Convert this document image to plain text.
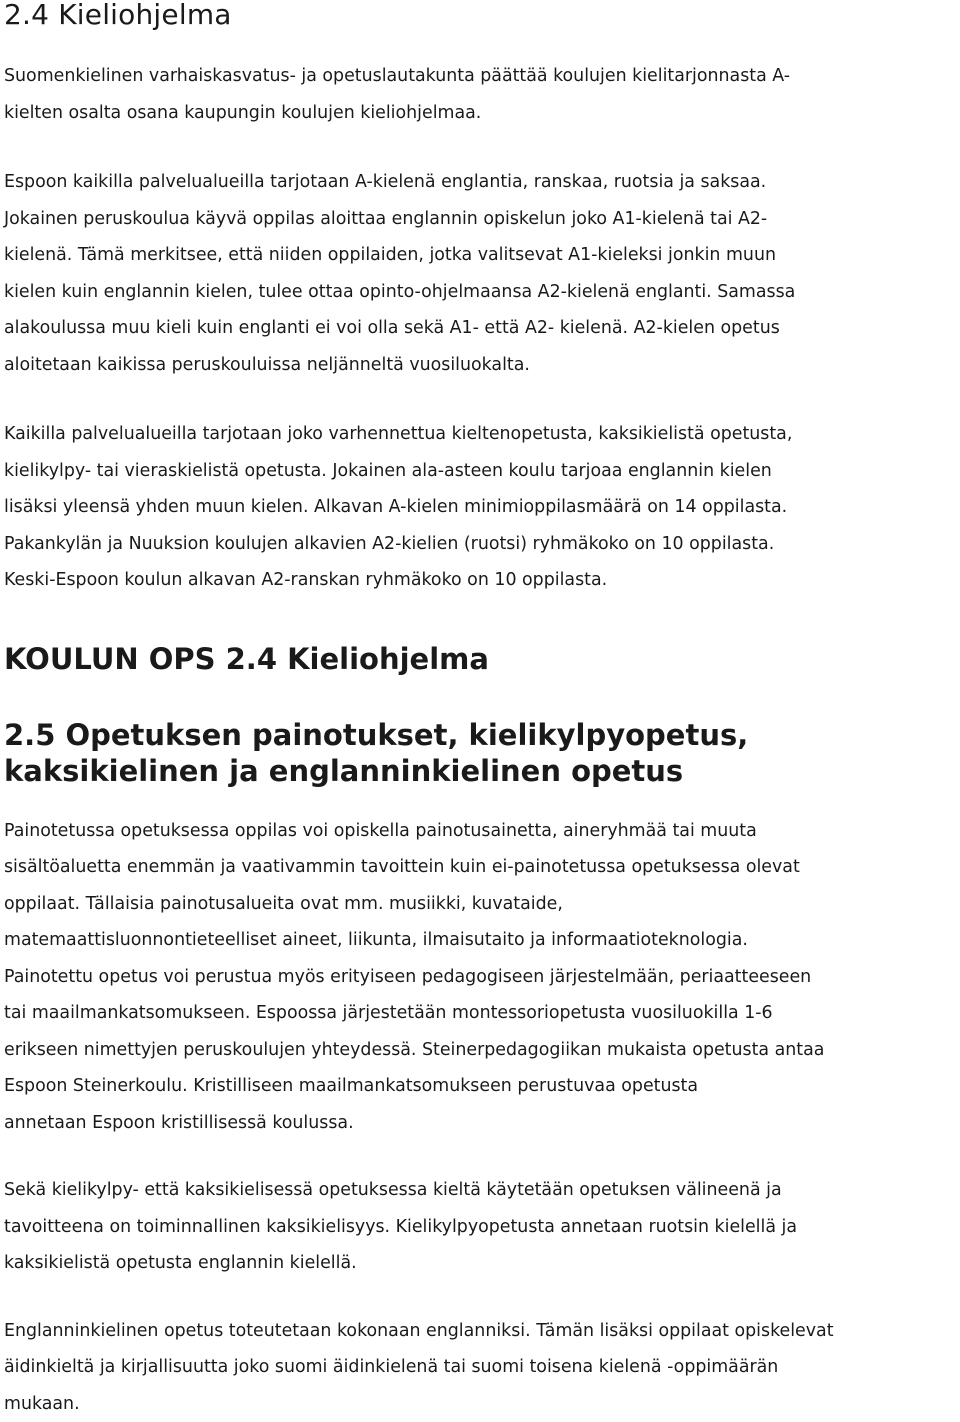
2.4 Kieliohjelma
Suomenkielinen varhaiskasvatus- ja opetuslautakunta päättää koulujen kielitarjonnasta A-
kielten osalta osana kaupungin koulujen kieliohjelmaa.
Espoon kaikilla palvelualueilla tarjotaan A-kielenä englantia, ranskaa, ruotsia ja saksaa.
Jokainen peruskoulua käyvä oppilas aloittaa englannin opiskelun joko A1-kielenä tai A2-
kielenä. Tämä merkitsee, että niiden oppilaiden, jotka valitsevat A1-kieleksi jonkin muun
kielen kuin englannin kielen, tulee ottaa opinto-ohjelmaansa A2-kielenä englanti. Samassa
alakoulussa muu kieli kuin englanti ei voi olla sekä A1- että A2- kielenä. A2-kielen opetus
aloitetaan kaikissa peruskouluissa neljänneltä vuosiluokalta.
Kaikilla palvelualueilla tarjotaan joko varhennettua kieltenopetusta, kaksikielistä opetusta,
kielikylpy- tai vieraskielistä opetusta. Jokainen ala-asteen koulu tarjoaa englannin kielen
lisäksi yleensä yhden muun kielen. Alkavan A-kielen minimioppilasmäärä on 14 oppilasta.
Pakankylän ja Nuuksion koulujen alkavien A2-kielien (ruotsi) ryhmäkoko on 10 oppilasta.
Keski-Espoon koulun alkavan A2-ranskan ryhmäkoko on 10 oppilasta.
KOULUN OPS 2.4 Kieliohjelma
2.5 Opetuksen painotukset, kielikylpyopetus,
kaksikielinen ja englanninkielinen opetus
Painotetussa opetuksessa oppilas voi opiskella painotusainetta, aineryhmää tai muuta
sisältöaluetta enemmän ja vaativammin tavoittein kuin ei-painotetussa opetuksessa olevat
oppilaat. Tällaisia painotusalueita ovat mm. musiikki, kuvataide,
matemaattisluonnontieteelliset aineet, liikunta, ilmaisutaito ja informaatioteknologia.
Painotettu opetus voi perustua myös erityiseen pedagogiseen järjestelmään, periaatteeseen
tai maailmankatsomukseen. Espoossa järjestetään montessoriopetusta vuosiluokilla 1-6
erikseen nimettyjen peruskoulujen yhteydessä. Steinerpedagogiikan mukaista opetusta antaa
Espoon Steinerkoulu. Kristilliseen maailmankatsomukseen perustuvaa opetusta
annetaan Espoon kristillisessä koulussa.
Sekä kielikylpy- että kaksikielisessä opetuksessa kieltä käytetään opetuksen välineenä ja
tavoitteena on toiminnallinen kaksikielisyys. Kielikylpyopetusta annetaan ruotsin kielellä ja
kaksikielistä opetusta englannin kielellä.
Englanninkielinen opetus toteutetaan kokonaan englanniksi. Tämän lisäksi oppilaat opiskelevat
äidinkieltä ja kirjallisuutta joko suomi äidinkielenä tai suomi toisena kielenä -oppimäärän
mukaan.
